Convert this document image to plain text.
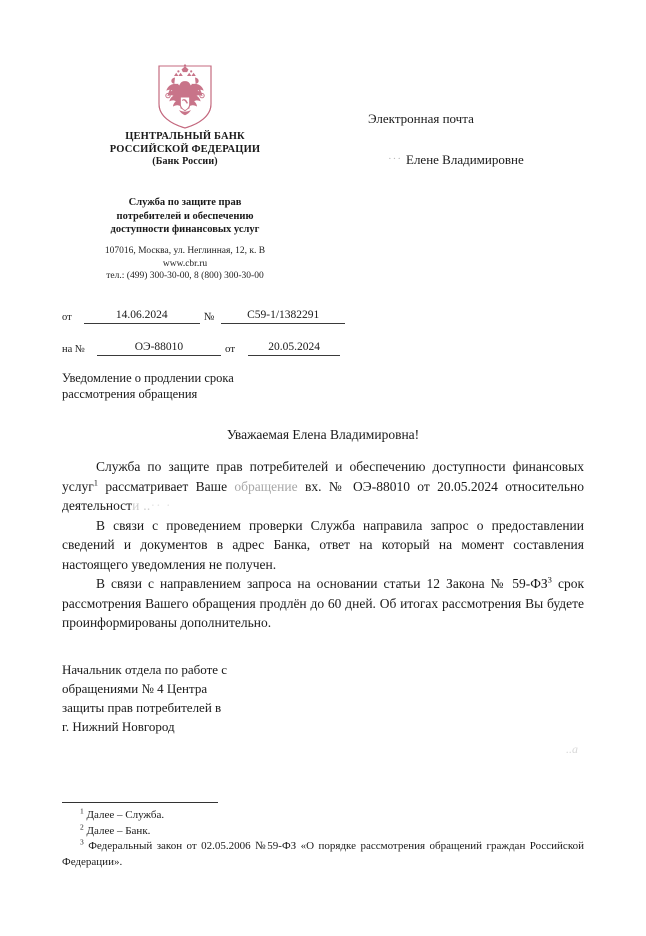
ЦЕНТРАЛЬНЫЙ БАНК
РОССИЙСКОЙ ФЕДЕРАЦИИ
(Банк России)
Служба по защите прав
потребителей и обеспечению
доступности финансовых услуг
107016, Москва, ул. Неглинная, 12, к. В
www.cbr.ru
тел.: (499) 300-30-00, 8 (800) 300-30-00
Электронная почта
··· Елене Владимировне
от	14.06.2024	№	С59-1/1382291
на №	ОЭ-88010	от	20.05.2024
Уведомление о продлении срока
рассмотрения обращения
Уважаемая Елена Владимировна!

Служба по защите прав потребителей и обеспечению доступности финансовых услуг$^1$ рассматривает Ваше обращение вх. № ОЭ-88010 от 20.05.2024 относительно деятельности ..·· ·

В связи с проведением проверки Служба направила запрос о предоставлении сведений и документов в адрес Банка, ответ на который на момент составления настоящего уведомления не получен.

В связи с направлением запроса на основании статьи 12 Закона № $59-ФЗ^3$ срок рассмотрения Вашего обращения продлён до 60 дней. Об итогах рассмотрения Вы будете проинформированы дополнительно.

Начальник отдела по работе с
обращениями № 4 Центра
защиты прав потребителей в
г. Нижний Новгород
..а

$^1$ Далее – Служба.

$^2$ Далее – Банк.

$^3$ Федеральный закон от 02.05.2006 №59-ФЗ «О порядке рассмотрения обращений граждан Российской Федерации».
